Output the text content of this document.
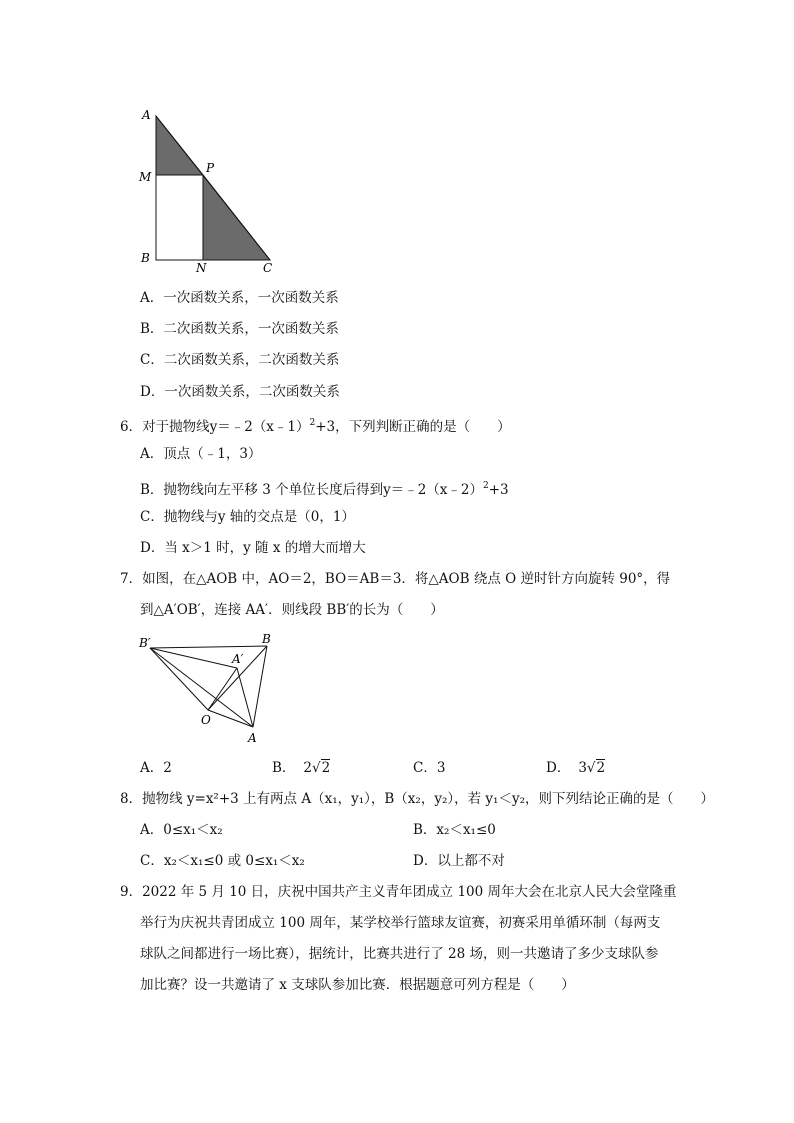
A
M
P
B
N	C
A．一次函数关系，一次函数关系
B．二次函数关系，一次函数关系
C．二次函数关系，二次函数关系
D．一次函数关系，二次函数关系
6．对于抛物线y＝﹣2（x﹣1）$^2$+3，下列判断正确的是（　　）
A．顶点（﹣1，3）
B．抛物线向左平移 3 个单位长度后得到y＝﹣2（x﹣2）$^2$+3
C．抛物线与y 轴的交点是（0，1）
D．当 x＞1 时，y 随 x 的增大而增大
7．如图，在△AOB 中，AO＝2，BO＝AB＝3．将△AOB 绕点 O 逆时针方向旋转 90°，得
到△A′OB′，连接 AA′．则线段 BB′的长为（　　）
B′	B
A′
O
A
A．2	B． 2√2	C．3	D． 3√2
8．抛物线 y=x²+3 上有两点 A（x₁，y₁），B（x₂，y₂），若 y₁＜y₂，则下列结论正确的是（　　）
A．0≤x₁＜x₂	B．x₂＜x₁≤0
C．x₂＜x₁≤0 或 0≤x₁＜x₂	D．以上都不对
9．2022 年 5 月 10 日，庆祝中国共产主义青年团成立 100 周年大会在北京人民大会堂隆重
举行为庆祝共青团成立 100 周年，某学校举行篮球友谊赛，初赛采用单循环制（每两支
球队之间都进行一场比赛），据统计，比赛共进行了 28 场，则一共邀请了多少支球队参
加比赛？设一共邀请了 x 支球队参加比赛．根据题意可列方程是（　　）
